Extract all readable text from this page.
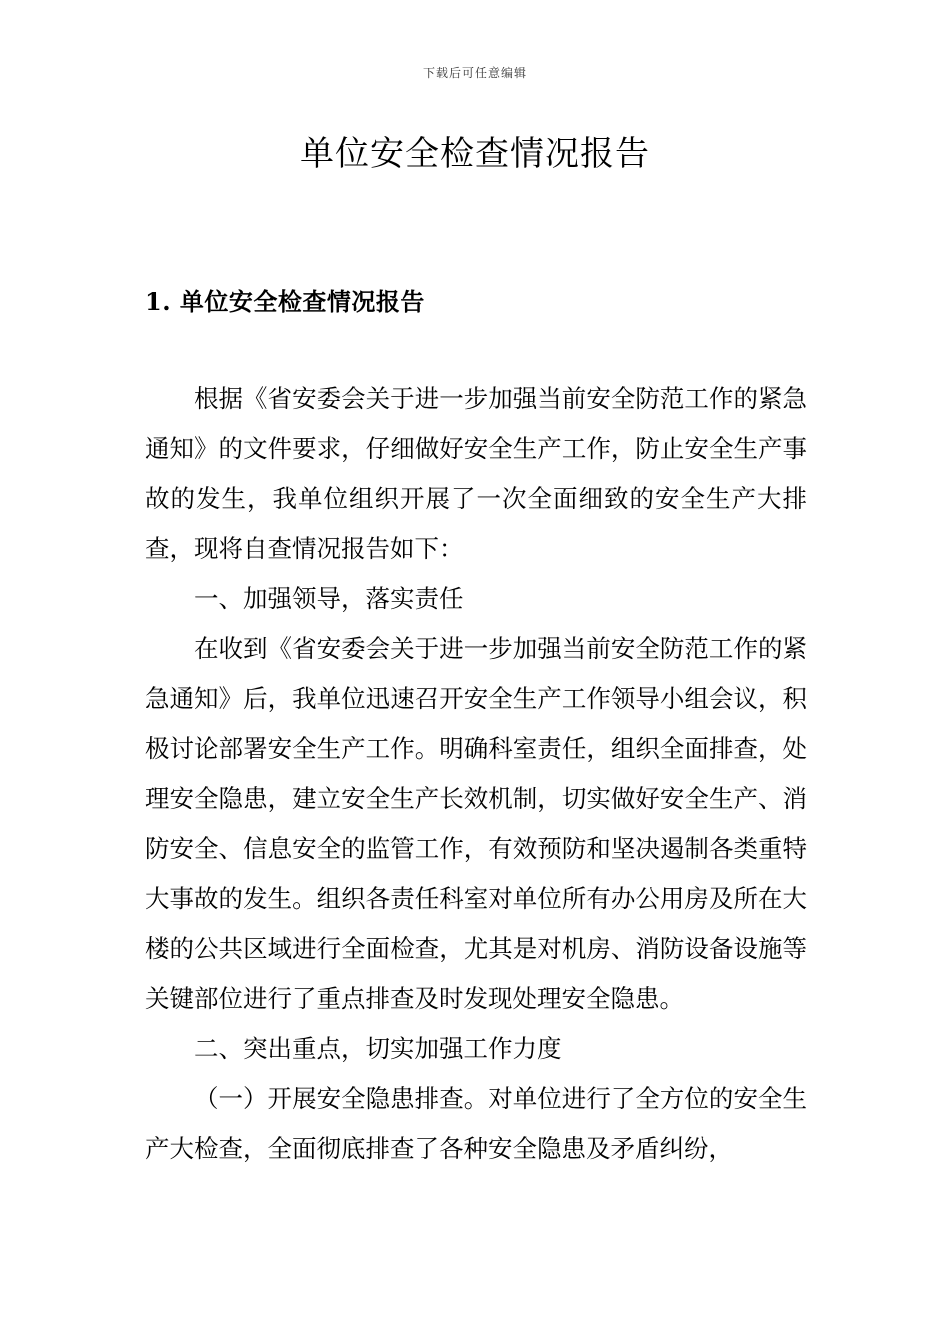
下载后可任意编辑
单位安全检查情况报告
1. 单位安全检查情况报告

根据《省安委会关于进一步加强当前安全防范工作的紧急通知》的文件要求，仔细做好安全生产工作，防止安全生产事故的发生，我单位组织开展了一次全面细致的安全生产大排查，现将自查情况报告如下：

一、加强领导，落实责任

在收到《省安委会关于进一步加强当前安全防范工作的紧急通知》后，我单位迅速召开安全生产工作领导小组会议，积极讨论部署安全生产工作。明确科室责任，组织全面排查，处理安全隐患，建立安全生产长效机制，切实做好安全生产、消防安全、信息安全的监管工作，有效预防和坚决遏制各类重特大事故的发生。组织各责任科室对单位所有办公用房及所在大楼的公共区域进行全面检查，尤其是对机房、消防设备设施等关键部位进行了重点排查及时发现处理安全隐患。

二、突出重点，切实加强工作力度

（一）开展安全隐患排查。对单位进行了全方位的安全生产大检查，全面彻底排查了各种安全隐患及矛盾纠纷，
